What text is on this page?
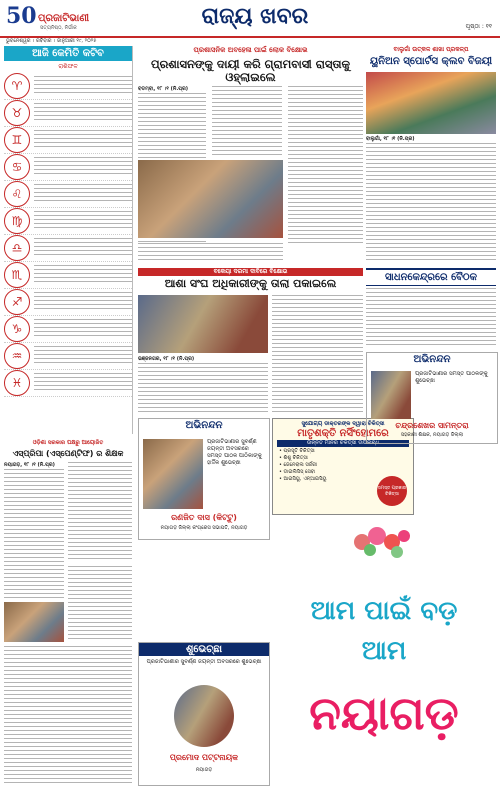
50 ପ୍ରଜାଟିଭାଣୀ
ସତ୍ୟନିଷ୍ଠ, ନିର୍ଭୀକ	ରାଜ୍ୟ ଖବର	ପୃଷ୍ଠା : ୧୧
ଭୁବନେଶ୍ୱର । ରବିବାର । ଜାନୁଆରୀ ୧୯, ୨୦୨୫
ଆଜି କେମିତି କଟିବ
ରାଶିଫଳ
♈
♉
♊
♋
♌
♍
♎
♏
♐
♑
♒
♓
ପ୍ରଶାସନିକ ଅବହେଳା ପାଇଁ ଲୋକ ବିକ୍ଷୋଭ
ପ୍ରଶାସନଙ୍କୁ ଦାୟୀ କରି ଗ୍ରାମବାସୀ ରାସ୍ତାକୁ ଓହ୍ଲାଇଲେ
ବଡମ୍ବା, ୧୮ ।୧ (ନି.ପ୍ର)
ବାଲୁଗାଁ ଉତ୍କଳ ଶାଖା ପ୍ରକଳ୍ପ
ୟୁନିଅନ ସ୍ପୋର୍ଟସ କ୍ଲବ ବିଜୟୀ
ବାଲୁଗାଁ, ୧୮ ।୧ (ନି.ପ୍ର)
ବକେୟା ଦରମା ଦାବିରେ ବିକ୍ଷୋଭ
ଆଶା ସଂଘ ଅଧିକାରୀଙ୍କୁ ତାଲା ପକାଇଲେ
ଭଞ୍ଜନଗର, ୧୮ ।୧ (ନି.ପ୍ର)
ସାଧନକେନ୍ଦ୍ରରେ ବୈଠକ
ସୁଯୋଗ୍ୟ ଡାକ୍ତରଙ୍କ ଦ୍ୱାରା ଚିକିତ୍ସା
ମାତୃଶକ୍ତି ନର୍ସିଂହୋମରେ
ଉନ୍ନତ ମାନର ଚିକିତ୍ସା ଉପଲବ୍ଧ
• ପ୍ରସୂତି ଚିକିତ୍ସା
• ଶିଶୁ ଚିକିତ୍ସା
• ଜେନେରାଲ ସର୍ଜରୀ
• ଡାଇଲିସିସ୍ ସେବା
• ଆଇସିୟୁ, ଏନ୍‌ଆଇସିୟୁ
ସମସ୍ତ ପ୍ରକାର ଚିକିତ୍ସା
ଅଭିନନ୍ଦନ
ପ୍ରଜାଟିଭାଣୀର ସମସ୍ତ ପାଠକଙ୍କୁ ଶୁଭେଚ୍ଛା
ଚନ୍ଦ୍ରଶେଖର ସାମନ୍ତରା
ସହକାରୀ ଶିକ୍ଷକ, ନୟାଗଡ଼ ଜିଲ୍ଲା
ଓଡ଼ିଶା ସରକାର ପକ୍ଷରୁ ଆୟୋଜିତ
ଏସ୍‌ପ୍ରିପା (ଏସ୍‌ପେଣ୍ଟିଫ) ର ଶିକ୍ଷକ
ନୟାଗଡ଼, ୧୮ ।୧ (ନି.ପ୍ର)
ଅଭିନନ୍ଦନ
ପ୍ରଜାଟିଭାଣୀର ସୁବର୍ଣ୍ଣ ଜୟନ୍ତୀ ଅବସରରେ ସମସ୍ତ ପାଠକ ପାଠିକାଙ୍କୁ ହାର୍ଦ୍ଦିକ ଶୁଭେଚ୍ଛା
ରଣଜିତ ଦାସ (କିଟ୍ଟୁ)
ନୟାଗଡ଼ ଜିଲ୍ଲା କଂଗ୍ରେସ ସଭାପତି, ନୟାଗଡ଼
ଶୁଭେଚ୍ଛା
ପ୍ରଜାଟିଭାଣୀର ସୁବର୍ଣ୍ଣ ଜୟନ୍ତୀ ଅବସରରେ ଶୁଭେଚ୍ଛା
ପ୍ରମୋଦ ପଟ୍ଟନାୟକ
ନୟାଗଡ଼
ଆମ ପାଇଁ ବଡ଼
ଆମ
ନୟାଗଡ଼
